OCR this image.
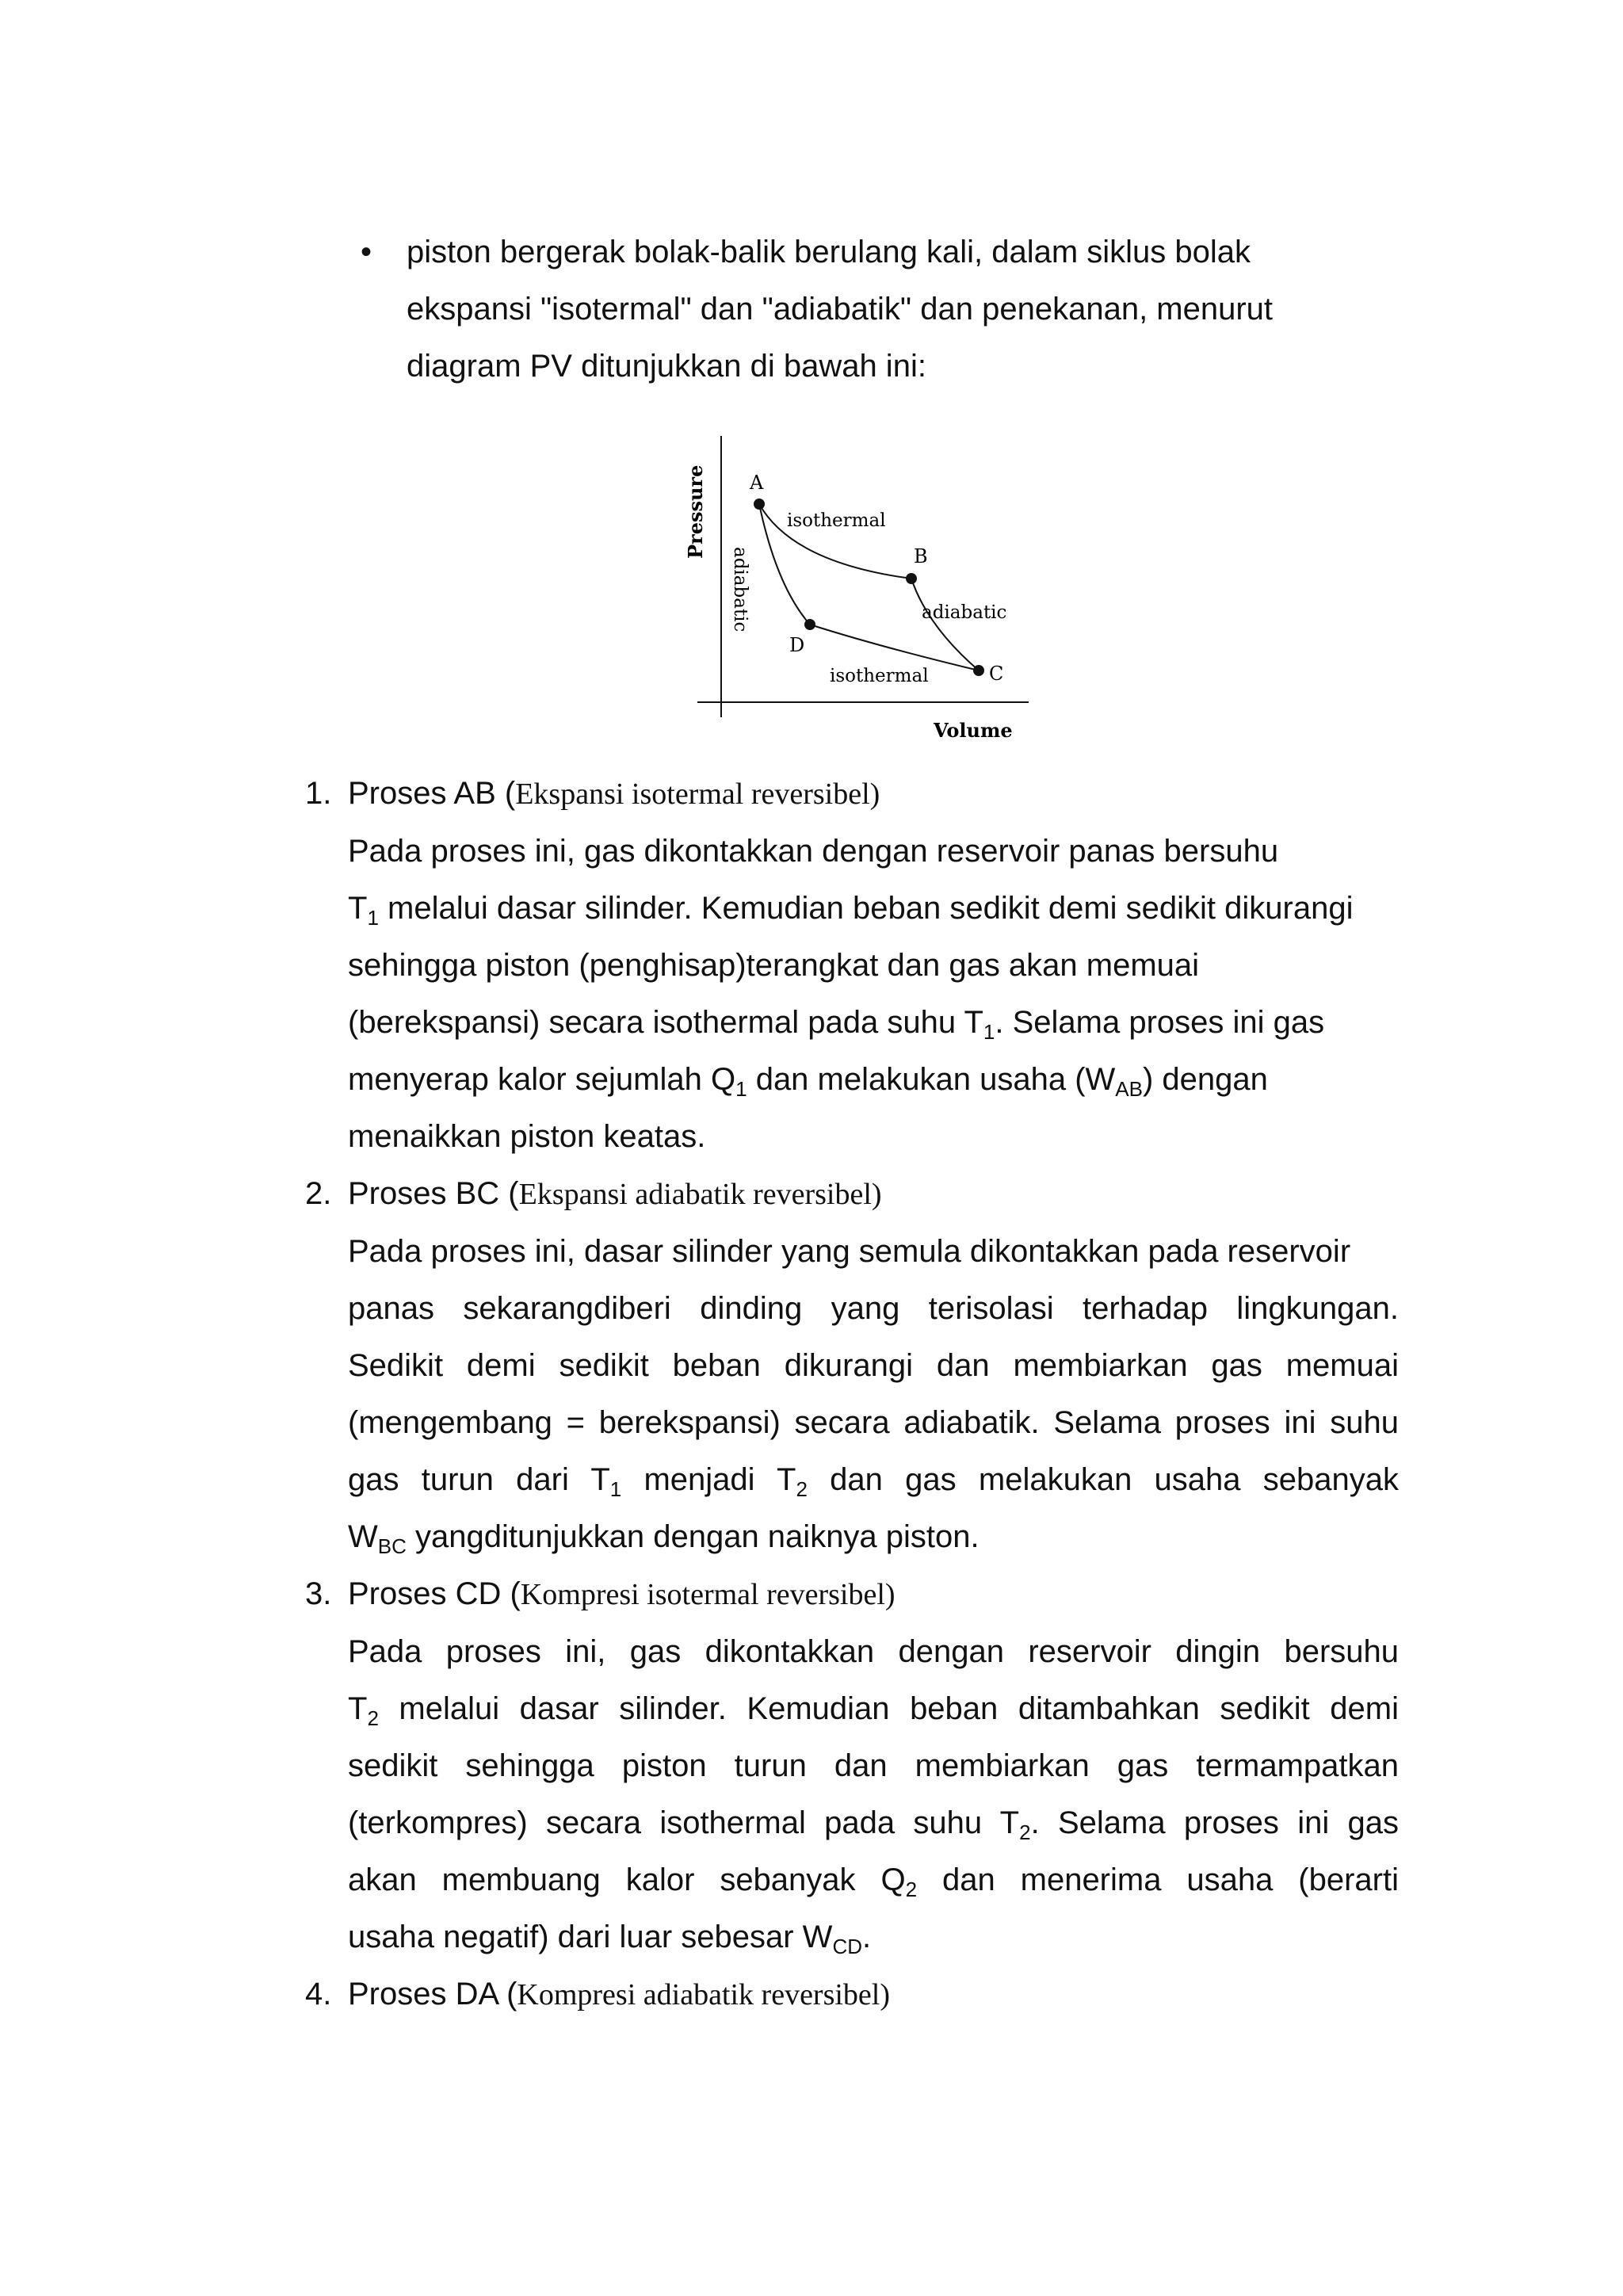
•	piston bergerak bolak-balik berulang kali, dalam siklus bolak
ekspansi "isotermal" dan "adiabatik" dan penekanan, menurut
diagram PV ditunjukkan di bawah ini:
A
B
C
D
isothermal
adiabatic
isothermal
adiabatic
Pressure
Volume
1. Proses AB (Ekspansi isotermal reversibel)
Pada proses ini, gas dikontakkan dengan reservoir panas bersuhu
$T_1$ melalui dasar silinder. Kemudian beban sedikit demi sedikit dikurangi
sehingga piston (penghisap)terangkat dan gas akan memuai
(berekspansi) secara isothermal pada suhu $T_1$. Selama proses ini gas
menyerap kalor sejumlah $Q_1$ dan melakukan usaha $(W_{AB})$ dengan
menaikkan piston keatas.
2. Proses BC (Ekspansi adiabatik reversibel)
Pada proses ini, dasar silinder yang semula dikontakkan pada reservoir
panas sekarangdiberi dinding yang terisolasi terhadap lingkungan.
Sedikit demi sedikit beban dikurangi dan membiarkan gas memuai
(mengembang = berekspansi) secara adiabatik. Selama proses ini suhu
gas turun dari $T_1$ menjadi $T_2$ dan gas melakukan usaha sebanyak
$W_{BC}$ yangditunjukkan dengan naiknya piston.
3. Proses CD (Kompresi isotermal reversibel)
Pada proses ini, gas dikontakkan dengan reservoir dingin bersuhu
$T_2$ melalui dasar silinder. Kemudian beban ditambahkan sedikit demi
sedikit sehingga piston turun dan membiarkan gas termampatkan
(terkompres) secara isothermal pada suhu $T_2$. Selama proses ini gas
akan membuang kalor sebanyak $Q_2$ dan menerima usaha (berarti
usaha negatif) dari luar sebesar $W_{CD}$.
4. Proses DA (Kompresi adiabatik reversibel)
